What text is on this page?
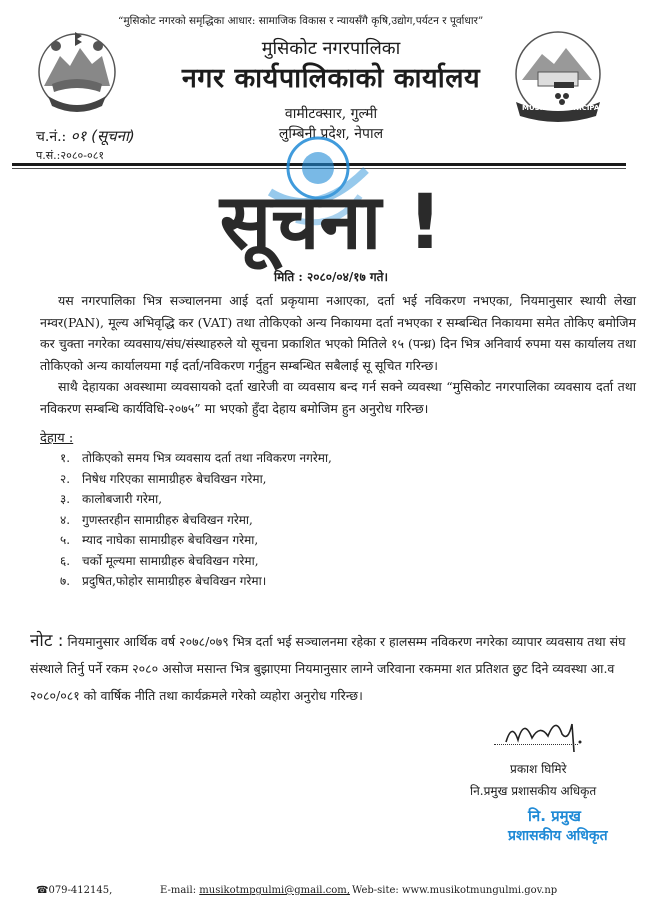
“मुसिकोट नगरको समृद्धिका आधार: सामाजिक विकास र न्यायसँगै कृषि,उद्योग,पर्यटन र पूर्वाधार”
मुसिकोट नगरपालिका
नगर कार्यपालिकाको कार्यालय
MUSIKOT MUNICIPALITY
वामीटक्सार, गुल्मी
लुम्बिनी प्रदेश, नेपाल
च.नं.: ०१ (सूचना)
प.सं.:२०८०-०८१
सूचना !
मिति : २०८०/०४/१७ गते।
यस नगरपालिका भित्र सञ्चालनमा आई दर्ता प्रकृयामा नआएका, दर्ता भई नविकरण नभएका, नियमानुसार स्थायी लेखा नम्वर(PAN), मूल्य अभिवृद्धि कर (VAT) तथा तोकिएको अन्य निकायमा दर्ता नभएका र सम्बन्धित निकायमा समेत तोकिए बमोजिम कर चुक्ता नगरेका व्यवसाय/संघ/संस्थाहरुले यो सूचना प्रकाशित भएको मितिले १५ (पन्ध्र) दिन भित्र अनिवार्य रुपमा यस कार्यालय तथा तोकिएको अन्य कार्यालयमा गई दर्ता/नविकरण गर्नुहुन सम्बन्धित सबैलाई सू सूचित गरिन्छ।
साथै देहायका अवस्थामा व्यवसायको दर्ता खारेजी वा व्यवसाय बन्द गर्न सक्ने व्यवस्था “मुसिकोट नगरपालिका व्यवसाय दर्ता तथा नविकरण सम्बन्धि कार्यविधि-२०७५” मा भएको हुँदा देहाय बमोजिम हुन अनुरोध गरिन्छ।
देहाय :
१. तोकिएको समय भित्र व्यवसाय दर्ता तथा नविकरण नगरेमा,
२. निषेध गरिएका सामाग्रीहरु बेचविखन गरेमा,
३. कालोबजारी गरेमा,
४. गुणस्तरहीन सामाग्रीहरु बेचविखन गरेमा,
५. म्याद नाघेका सामाग्रीहरु बेचविखन गरेमा,
६. चर्को मूल्यमा सामाग्रीहरु बेचविखन गरेमा,
७. प्रदुषित,फोहोर सामाग्रीहरु बेचविखन गरेमा।
नोट : नियमानुसार आर्थिक वर्ष २०७८/०७९ भित्र दर्ता भई सञ्चालनमा रहेका र हालसम्म नविकरण नगरेका व्यापार व्यवसाय तथा संघ संस्थाले तिर्नु पर्ने रकम २०८० असोज मसान्त भित्र बुझाएमा नियमानुसार लाग्ने जरिवाना रकममा शत प्रतिशत छुट दिने व्यवस्था आ.व २०८०/०८१ को वार्षिक नीति तथा कार्यक्रमले गरेको व्यहोरा अनुरोध गरिन्छ।
प्रकाश घिमिरे
नि.प्रमुख प्रशासकीय अधिकृत
नि. प्रमुख
प्रशासकीय अधिकृत
☎079-412145,	E-mail: musikotmpgulmi@gmail.com, Web-site: www.musikotmungulmi.gov.np
